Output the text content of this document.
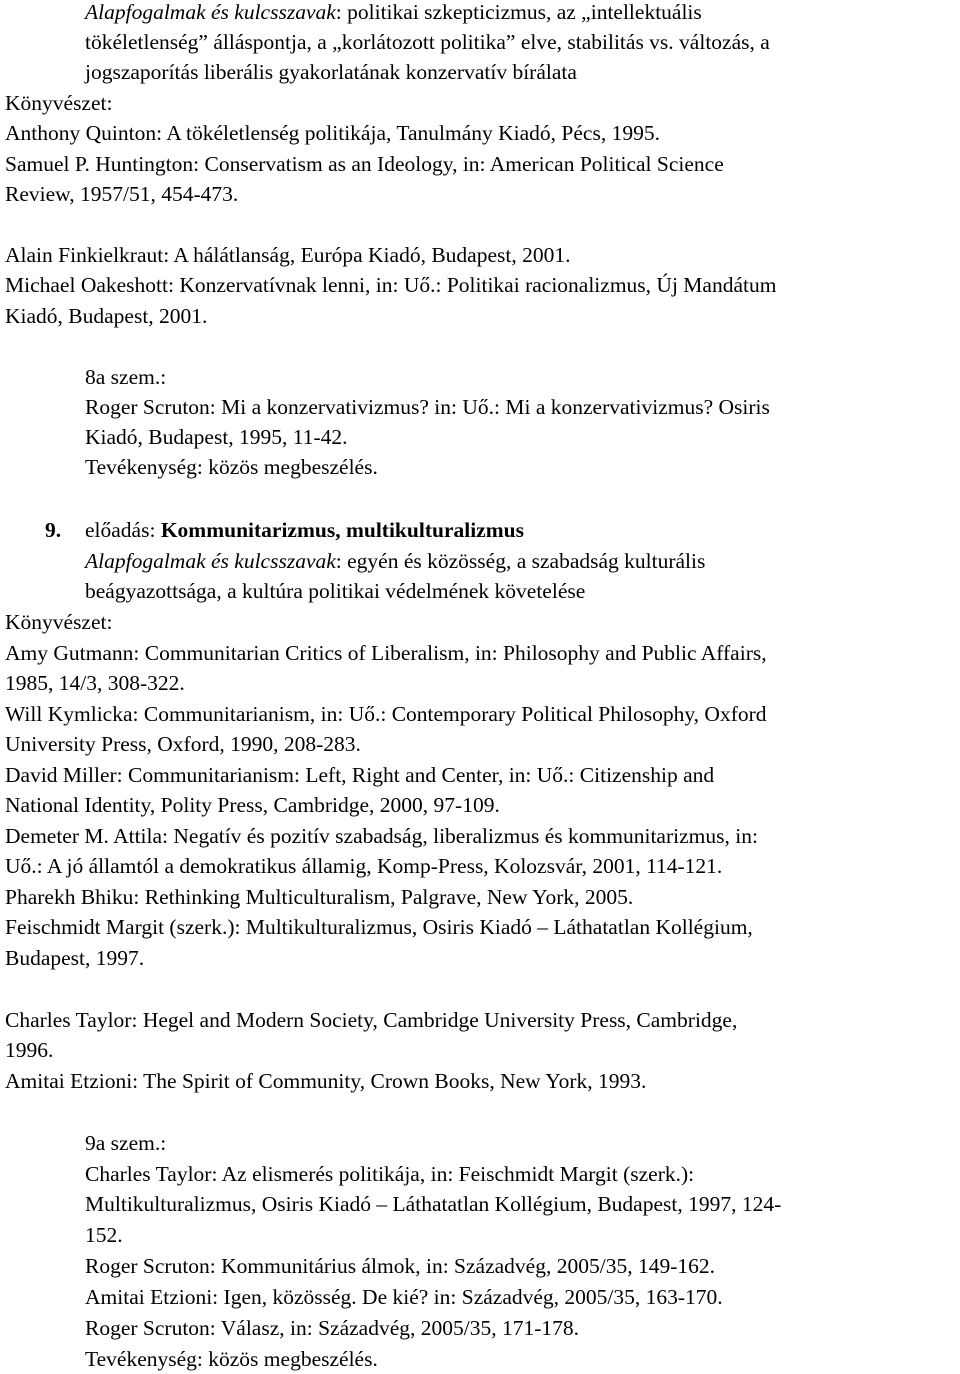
Alapfogalmak és kulcsszavak: politikai szkepticizmus, az „intellektuális
tökéletlenség” álláspontja, a „korlátozott politika” elve, stabilitás vs. változás, a
jogszaporítás liberális gyakorlatának konzervatív bírálata
Könyvészet:
Anthony Quinton: A tökéletlenség politikája, Tanulmány Kiadó, Pécs, 1995.
Samuel P. Huntington: Conservatism as an Ideology, in: American Political Science
Review, 1957/51, 454-473.
Alain Finkielkraut: A hálátlanság, Európa Kiadó, Budapest, 2001.
Michael Oakeshott: Konzervatívnak lenni, in: Uő.: Politikai racionalizmus, Új Mandátum
Kiadó, Budapest, 2001.
8a szem.:
Roger Scruton: Mi a konzervativizmus? in: Uő.: Mi a konzervativizmus? Osiris
Kiadó, Budapest, 1995, 11-42.
Tevékenység: közös megbeszélés.
9. előadás: Kommunitarizmus, multikulturalizmus
Alapfogalmak és kulcsszavak: egyén és közösség, a szabadság kulturális
beágyazottsága, a kultúra politikai védelmének követelése
Könyvészet:
Amy Gutmann: Communitarian Critics of Liberalism, in: Philosophy and Public Affairs,
1985, 14/3, 308-322.
Will Kymlicka: Communitarianism, in: Uő.: Contemporary Political Philosophy, Oxford
University Press, Oxford, 1990, 208-283.
David Miller: Communitarianism: Left, Right and Center, in: Uő.: Citizenship and
National Identity, Polity Press, Cambridge, 2000, 97-109.
Demeter M. Attila: Negatív és pozitív szabadság, liberalizmus és kommunitarizmus, in:
Uő.: A jó államtól a demokratikus államig, Komp-Press, Kolozsvár, 2001, 114-121.
Pharekh Bhiku: Rethinking Multiculturalism, Palgrave, New York, 2005.
Feischmidt Margit (szerk.): Multikulturalizmus, Osiris Kiadó – Láthatatlan Kollégium,
Budapest, 1997.
Charles Taylor: Hegel and Modern Society, Cambridge University Press, Cambridge,
1996.
Amitai Etzioni: The Spirit of Community, Crown Books, New York, 1993.
9a szem.:
Charles Taylor: Az elismerés politikája, in: Feischmidt Margit (szerk.):
Multikulturalizmus, Osiris Kiadó – Láthatatlan Kollégium, Budapest, 1997, 124-
152.
Roger Scruton: Kommunitárius álmok, in: Századvég, 2005/35, 149-162.
Amitai Etzioni: Igen, közösség. De kié? in: Századvég, 2005/35, 163-170.
Roger Scruton: Válasz, in: Századvég, 2005/35, 171-178.
Tevékenység: közös megbeszélés.
